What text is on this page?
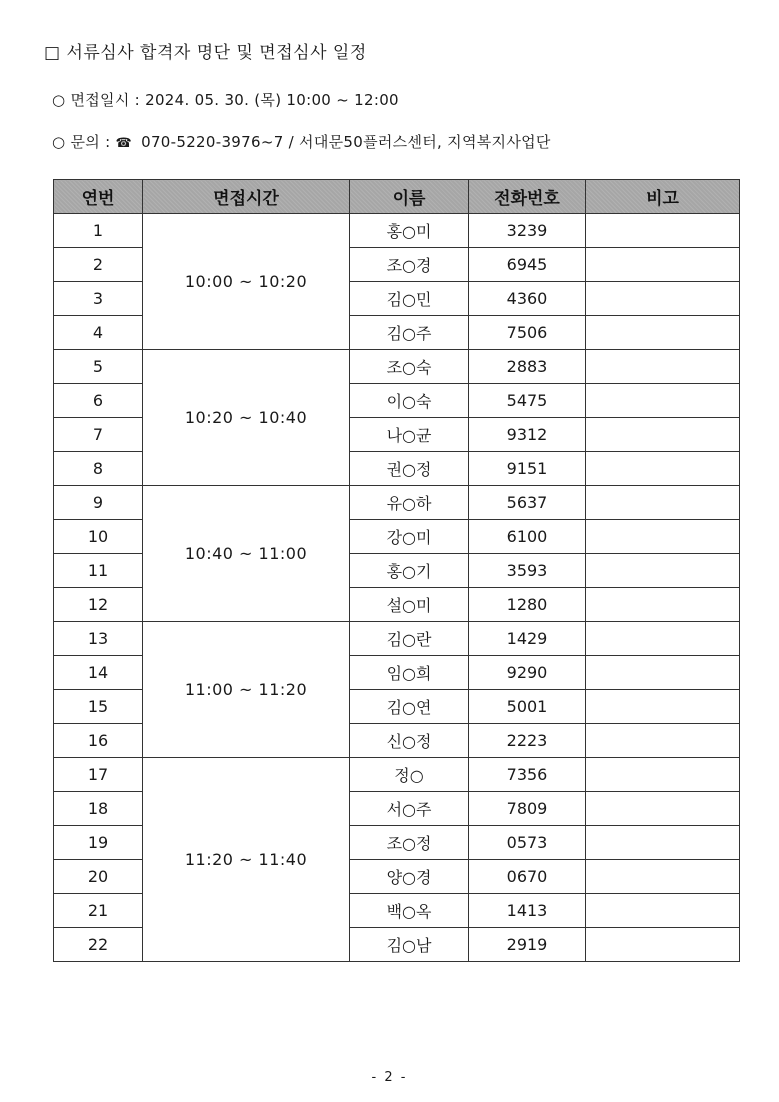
□ 서류심사 합격자 명단 및 면접심사 일정
○ 면접일시 : 2024. 05. 30. (목) 10:00 ~ 12:00
○ 문의 : ☎ 070-5220-3976~7 / 서대문50플러스센터, 지역복지사업단
연번	면접시간	이름	전화번호	비고
1	10:00 ~ 10:20	홍○미	3239	
2		조○경	6945	
3		김○민	4360	
4		김○주	7506	
5	10:20 ~ 10:40	조○숙	2883	
6		이○숙	5475	
7		나○균	9312	
8		권○정	9151	
9	10:40 ~ 11:00	유○하	5637	
10		강○미	6100	
11		홍○기	3593	
12		설○미	1280	
13	11:00 ~ 11:20	김○란	1429	
14		임○희	9290	
15		김○연	5001	
16		신○정	2223	
17	11:20 ~ 11:40	정○	7356	
18		서○주	7809	
19		조○정	0573	
20		양○경	0670	
21		백○옥	1413	
22		김○남	2919	
- 2 -
